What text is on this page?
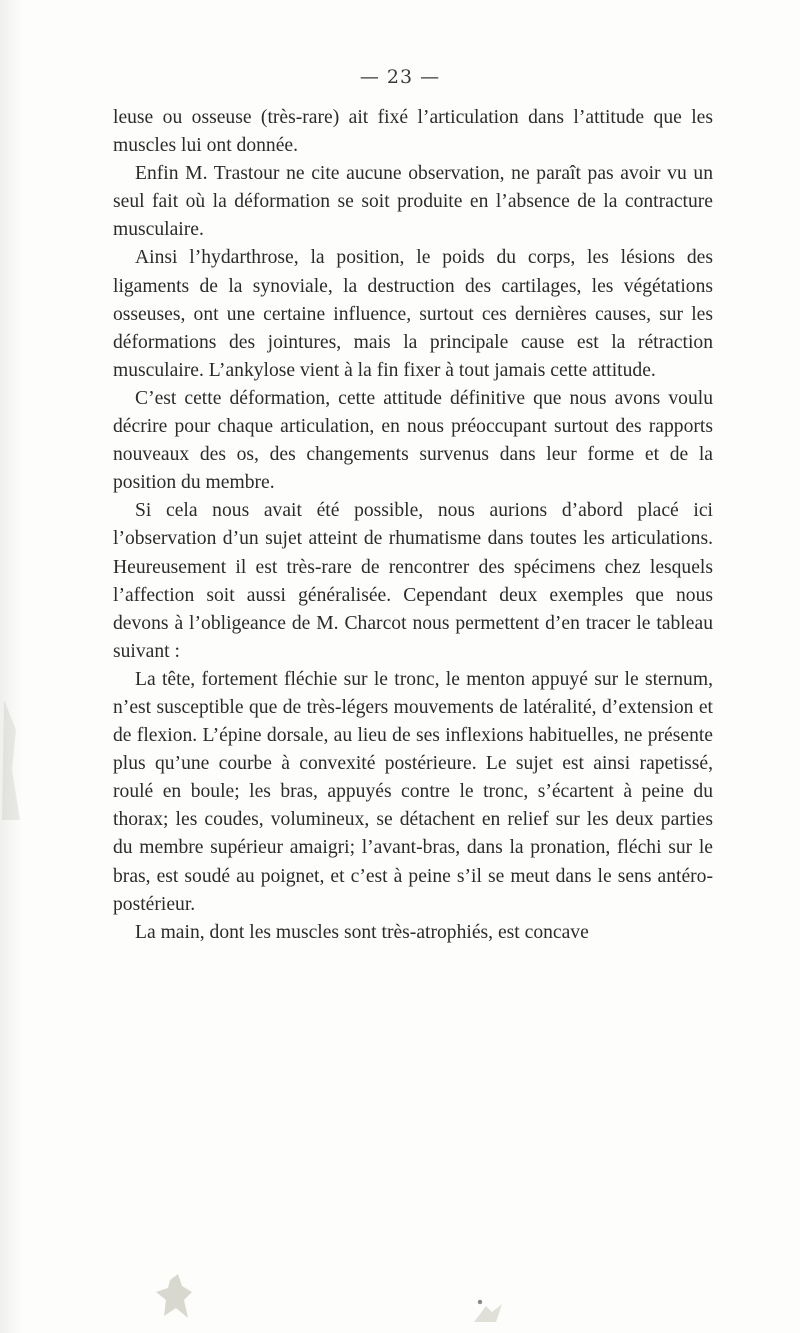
— 23 —

leuse ou osseuse (très-rare) ait fixé l’articulation dans l’attitude que les muscles lui ont donnée.

Enfin M. Trastour ne cite aucune observation, ne paraît pas avoir vu un seul fait où la déformation se soit produite en l’absence de la contracture musculaire.

Ainsi l’hydarthrose, la position, le poids du corps, les lésions des ligaments de la synoviale, la destruction des cartilages, les végétations osseuses, ont une certaine influence, surtout ces dernières causes, sur les déformations des jointures, mais la principale cause est la rétraction musculaire. L’ankylose vient à la fin fixer à tout jamais cette attitude.

C’est cette déformation, cette attitude définitive que nous avons voulu décrire pour chaque articulation, en nous préoccupant surtout des rapports nouveaux des os, des changements survenus dans leur forme et de la position du membre.

Si cela nous avait été possible, nous aurions d’abord placé ici l’observation d’un sujet atteint de rhumatisme dans toutes les articulations. Heureusement il est très-rare de rencontrer des spécimens chez lesquels l’affection soit aussi généralisée. Cependant deux exemples que nous devons à l’obligeance de M. Charcot nous permettent d’en tracer le tableau suivant :

La tête, fortement fléchie sur le tronc, le menton appuyé sur le sternum, n’est susceptible que de très-légers mouvements de latéralité, d’extension et de flexion. L’épine dorsale, au lieu de ses inflexions habituelles, ne présente plus qu’une courbe à convexité postérieure. Le sujet est ainsi rapetissé, roulé en boule; les bras, appuyés contre le tronc, s’écartent à peine du thorax; les coudes, volumineux, se détachent en relief sur les deux parties du membre supérieur amaigri; l’avant-bras, dans la pronation, fléchi sur le bras, est soudé au poignet, et c’est à peine s’il se meut dans le sens antéro-postérieur.

La main, dont les muscles sont très-atrophiés, est concave
